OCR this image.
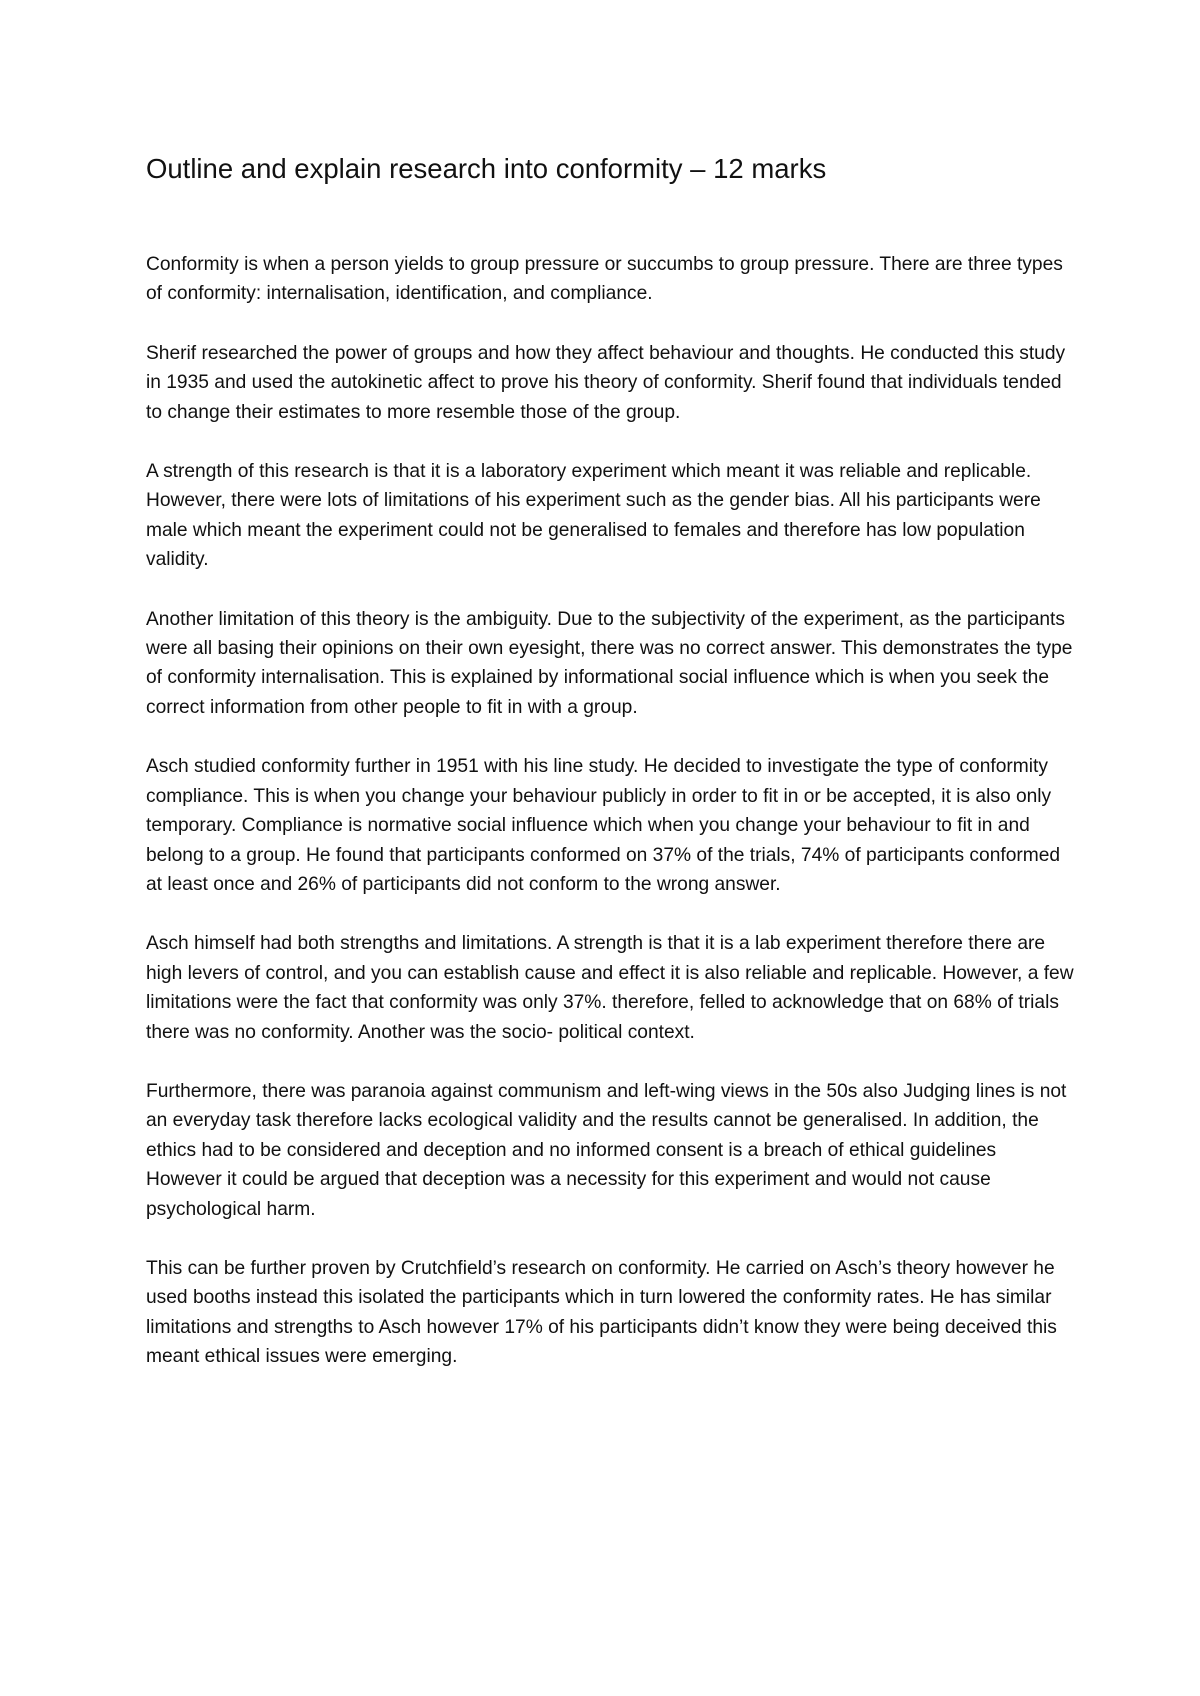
Outline and explain research into conformity – 12 marks

Conformity is when a person yields to group pressure or succumbs to group pressure. There are three types of conformity: internalisation, identification, and compliance.

Sherif researched the power of groups and how they affect behaviour and thoughts. He conducted this study in 1935 and used the autokinetic affect to prove his theory of conformity. Sherif found that individuals tended to change their estimates to more resemble those of the group.

A strength of this research is that it is a laboratory experiment which meant it was reliable and replicable. However, there were lots of limitations of his experiment such as the gender bias. All his participants were male which meant the experiment could not be generalised to females and therefore has low population validity.

Another limitation of this theory is the ambiguity. Due to the subjectivity of the experiment, as the participants were all basing their opinions on their own eyesight, there was no correct answer. This demonstrates the type of conformity internalisation. This is explained by informational social influence which is when you seek the correct information from other people to fit in with a group.

Asch studied conformity further in 1951 with his line study. He decided to investigate the type of conformity compliance. This is when you change your behaviour publicly in order to fit in or be accepted, it is also only temporary. Compliance is normative social influence which when you change your behaviour to fit in and belong to a group. He found that participants conformed on 37% of the trials, 74% of participants conformed at least once and 26% of participants did not conform to the wrong answer.

Asch himself had both strengths and limitations. A strength is that it is a lab experiment therefore there are high levers of control, and you can establish cause and effect it is also reliable and replicable. However, a few limitations were the fact that conformity was only 37%. therefore, felled to acknowledge that on 68% of trials there was no conformity. Another was the socio- political context.

Furthermore, there was paranoia against communism and left-wing views in the 50s also Judging lines is not an everyday task therefore lacks ecological validity and the results cannot be generalised. In addition, the ethics had to be considered and deception and no informed consent is a breach of ethical guidelines However it could be argued that deception was a necessity for this experiment and would not cause psychological harm.

This can be further proven by Crutchfield’s research on conformity. He carried on Asch’s theory however he used booths instead this isolated the participants which in turn lowered the conformity rates. He has similar limitations and strengths to Asch however 17% of his participants didn’t know they were being deceived this meant ethical issues were emerging.
